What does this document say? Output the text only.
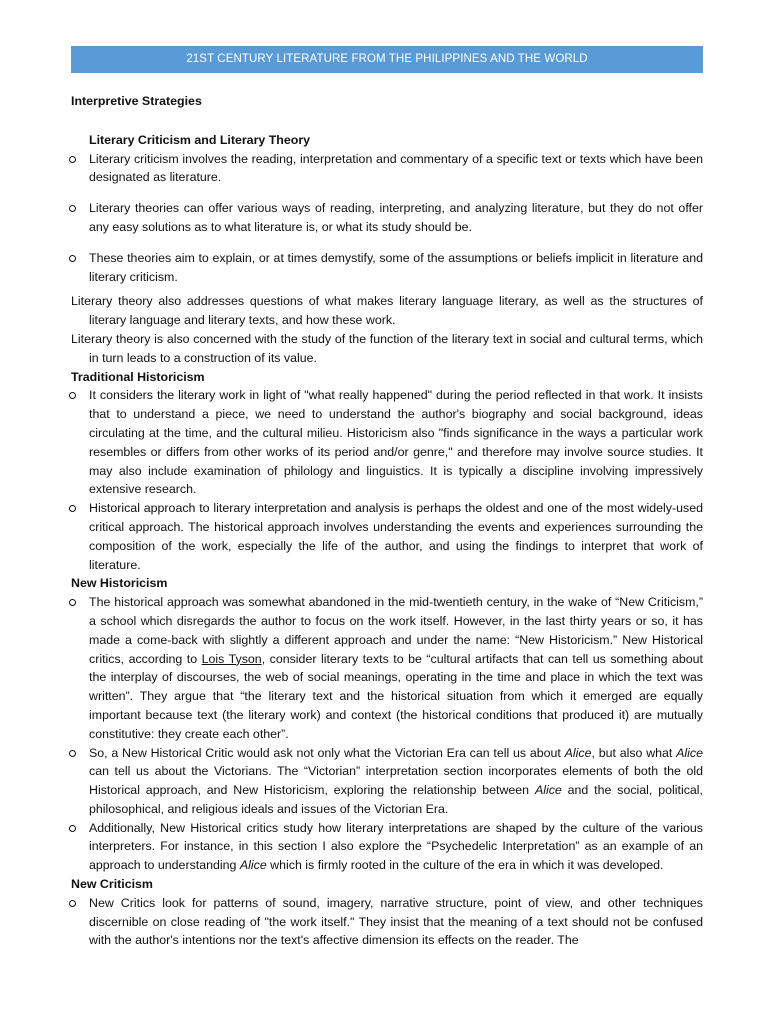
21ST CENTURY LITERATURE FROM THE PHILIPPINES AND THE WORLD

Interpretive Strategies

Literary Criticism and Literary Theory

Literary criticism involves the reading, interpretation and commentary of a specific text or texts which have been designated as literature.

Literary theories can offer various ways of reading, interpreting, and analyzing literature, but they do not offer any easy solutions as to what literature is, or what its study should be.

These theories aim to explain, or at times demystify, some of the assumptions or beliefs implicit in literature and literary criticism.

Literary theory also addresses questions of what makes literary language literary, as well as the structures of literary language and literary texts, and how these work.

Literary theory is also concerned with the study of the function of the literary text in social and cultural terms, which in turn leads to a construction of its value.

Traditional Historicism

It considers the literary work in light of "what really happened" during the period reflected in that work. It insists that to understand a piece, we need to understand the author's biography and social background, ideas circulating at the time, and the cultural milieu. Historicism also "finds significance in the ways a particular work resembles or differs from other works of its period and/or genre," and therefore may involve source studies. It may also include examination of philology and linguistics. It is typically a discipline involving impressively extensive research.

Historical approach to literary interpretation and analysis is perhaps the oldest and one of the most widely-used critical approach. The historical approach involves understanding the events and experiences surrounding the composition of the work, especially the life of the author, and using the findings to interpret that work of literature.

New Historicism

The historical approach was somewhat abandoned in the mid-twentieth century, in the wake of “New Criticism,” a school which disregards the author to focus on the work itself. However, in the last thirty years or so, it has made a come-back with slightly a different approach and under the name: “New Historicism.” New Historical critics, according to Lois Tyson, consider literary texts to be “cultural artifacts that can tell us something about the interplay of discourses, the web of social meanings, operating in the time and place in which the text was written”. They argue that “the literary text and the historical situation from which it emerged are equally important because text (the literary work) and context (the historical conditions that produced it) are mutually constitutive: they create each other”.

So, a New Historical Critic would ask not only what the Victorian Era can tell us about Alice, but also what Alice can tell us about the Victorians. The “Victorian” interpretation section incorporates elements of both the old Historical approach, and New Historicism, exploring the relationship between Alice and the social, political, philosophical, and religious ideals and issues of the Victorian Era.

Additionally, New Historical critics study how literary interpretations are shaped by the culture of the various interpreters. For instance, in this section I also explore the “Psychedelic Interpretation” as an example of an approach to understanding Alice which is firmly rooted in the culture of the era in which it was developed.

New Criticism

New Critics look for patterns of sound, imagery, narrative structure, point of view, and other techniques discernible on close reading of "the work itself." They insist that the meaning of a text should not be confused with the author's intentions nor the text's affective dimension its effects on the reader. The
